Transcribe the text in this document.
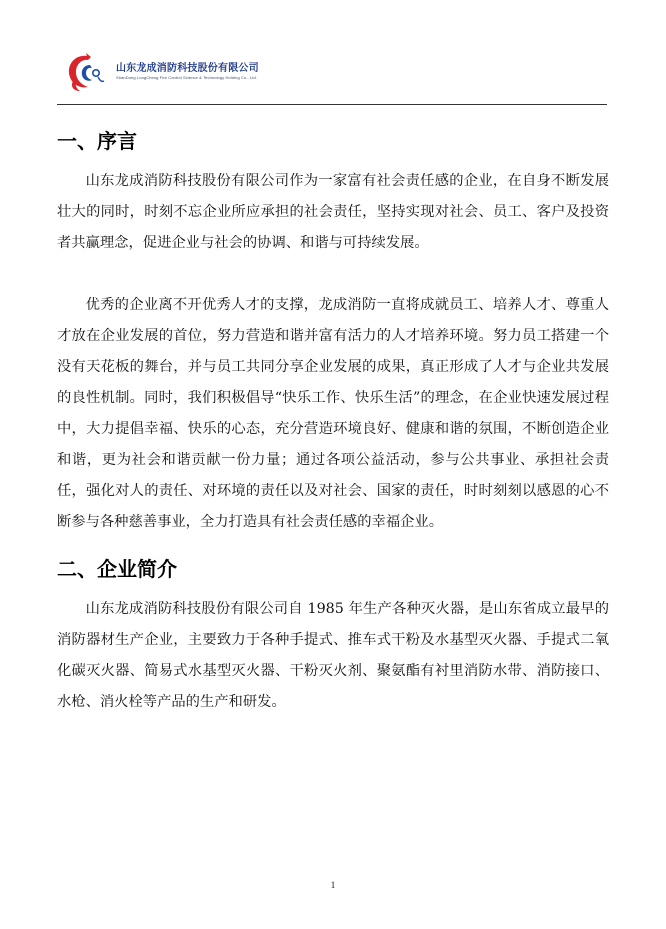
山东龙成消防科技股份有限公司
ShanDong LongCheng Fire Control Science & Technology Holding Co., Ltd.
一、序言

山东龙成消防科技股份有限公司作为一家富有社会责任感的企业，在自身不断发展壮大的同时，时刻不忘企业所应承担的社会责任，坚持实现对社会、员工、客户及投资者共赢理念，促进企业与社会的协调、和谐与可持续发展。

优秀的企业离不开优秀人才的支撑，龙成消防一直将成就员工、培养人才、尊重人才放在企业发展的首位，努力营造和谐并富有活力的人才培养环境。努力员工搭建一个没有天花板的舞台，并与员工共同分享企业发展的成果，真正形成了人才与企业共发展的良性机制。同时，我们积极倡导“快乐工作、快乐生活”的理念，在企业快速发展过程中，大力提倡幸福、快乐的心态，充分营造环境良好、健康和谐的氛围，不断创造企业和谐，更为社会和谐贡献一份力量；通过各项公益活动，参与公共事业、承担社会责任，强化对人的责任、对环境的责任以及对社会、国家的责任，时时刻刻以感恩的心不断参与各种慈善事业，全力打造具有社会责任感的幸福企业。

二、企业简介

山东龙成消防科技股份有限公司自 1985 年生产各种灭火器，是山东省成立最早的消防器材生产企业，主要致力于各种手提式、推车式干粉及水基型灭火器、手提式二氧化碳灭火器、简易式水基型灭火器、干粉灭火剂、聚氨酯有衬里消防水带、消防接口、水枪、消火栓等产品的生产和研发。

1
